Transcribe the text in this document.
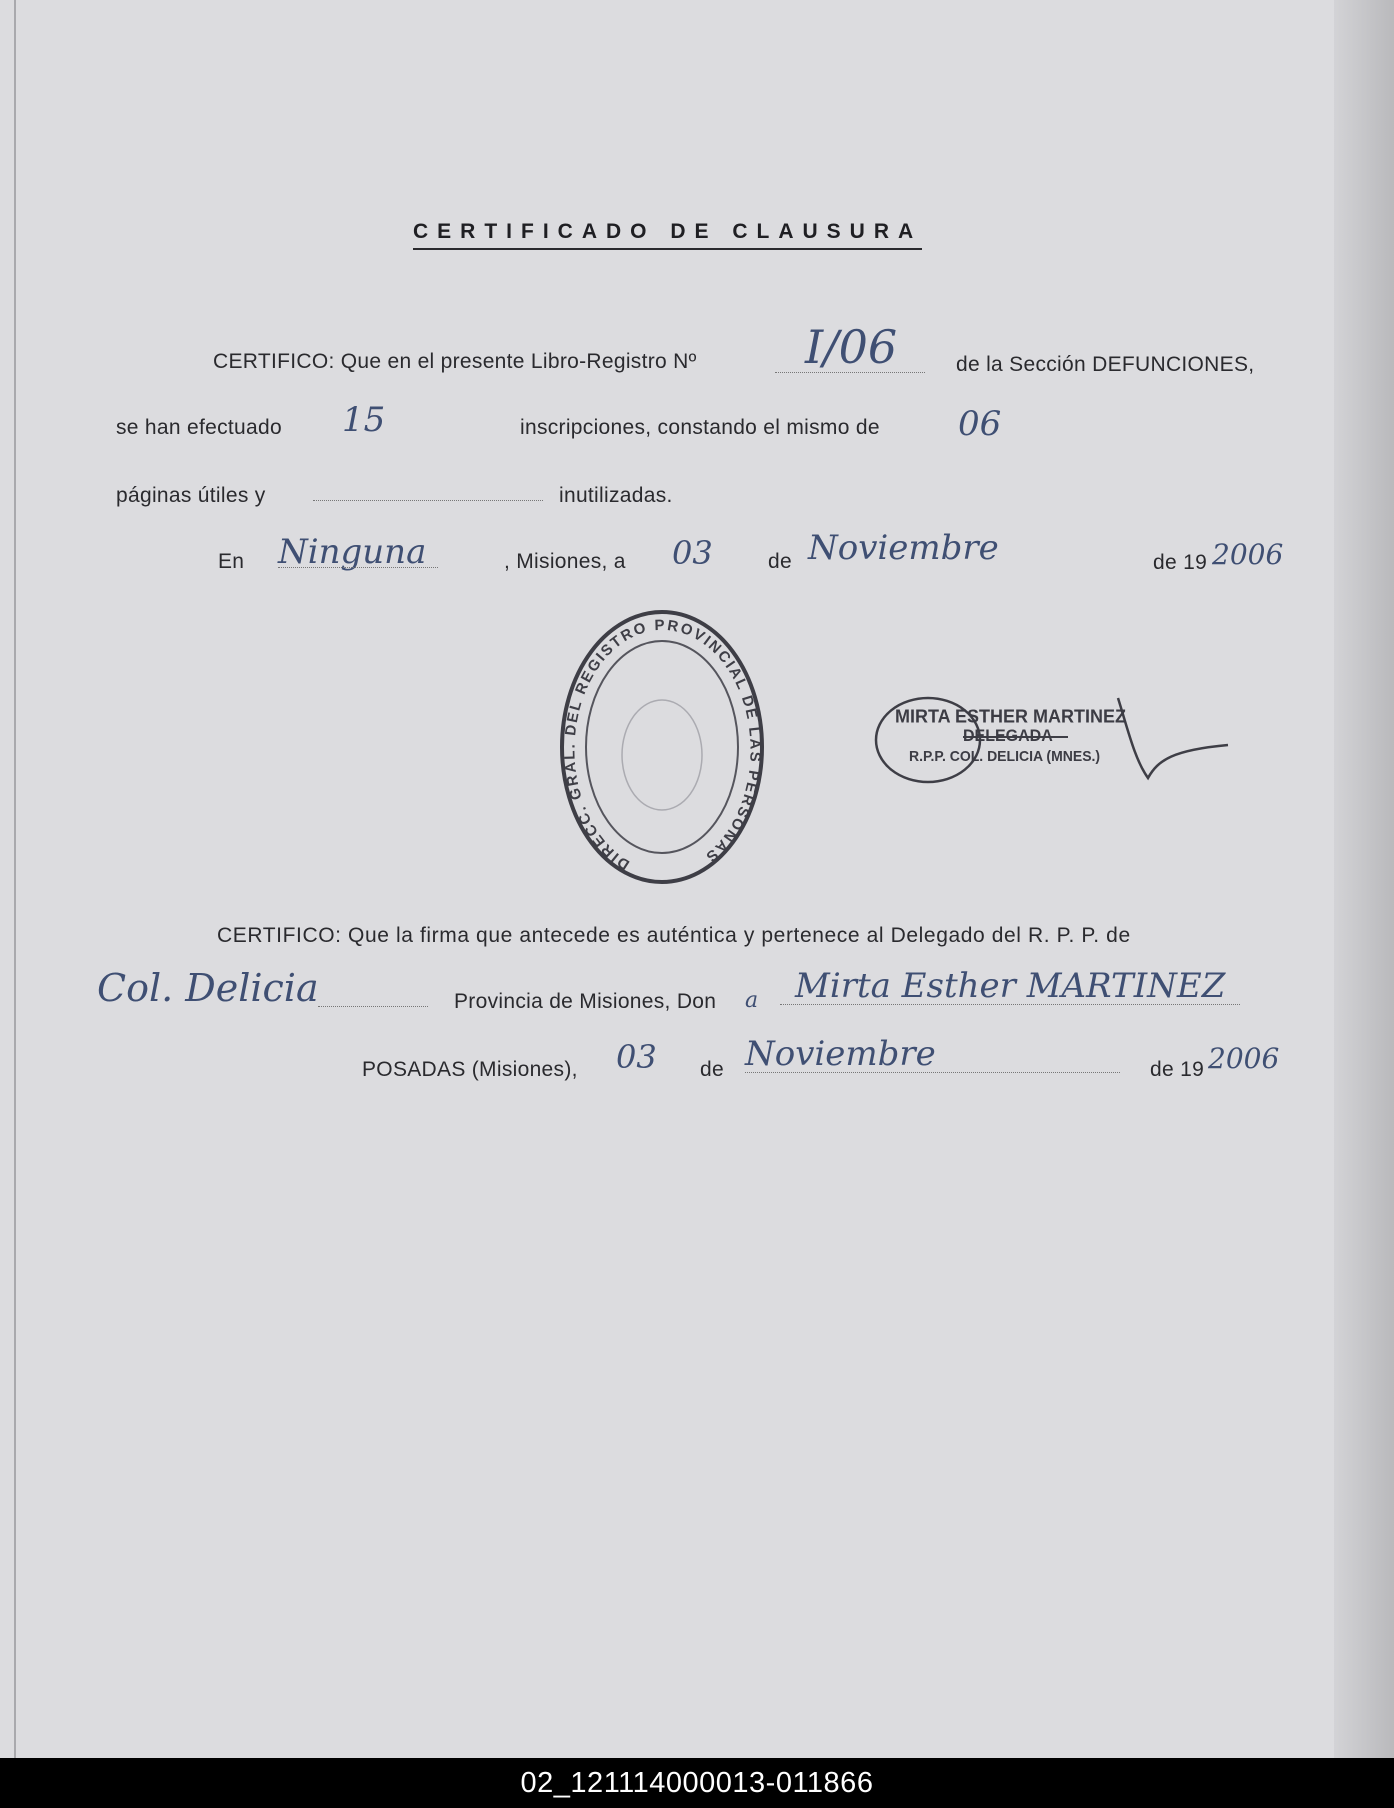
CERTIFICADO DE CLAUSURA
CERTIFICO: Que en el presente Libro-Registro Nº I/06	de la Sección DEFUNCIONES,
se han efectuado 15	inscripciones, constando el mismo de 06
páginas útiles y	inutilizadas.
En Ninguna	, Misiones, a 03	de Noviembre	de 19 2006
DIRECC. GRAL. DEL REGISTRO PROVINCIAL DE LAS PERSONAS
MIRTA ESTHER MARTINEZ
DELEGADA
R.P.P. COL. DELICIA (MNES.)
CERTIFICO: Que la firma que antecede es auténtica y pertenece al Delegado del R. P. P. de
Col. Delicia	Provincia de Misiones, Don a Mirta Esther MARTINEZ
POSADAS (Misiones), 03 de Noviembre	de 19 2006
02_121114000013-011866
